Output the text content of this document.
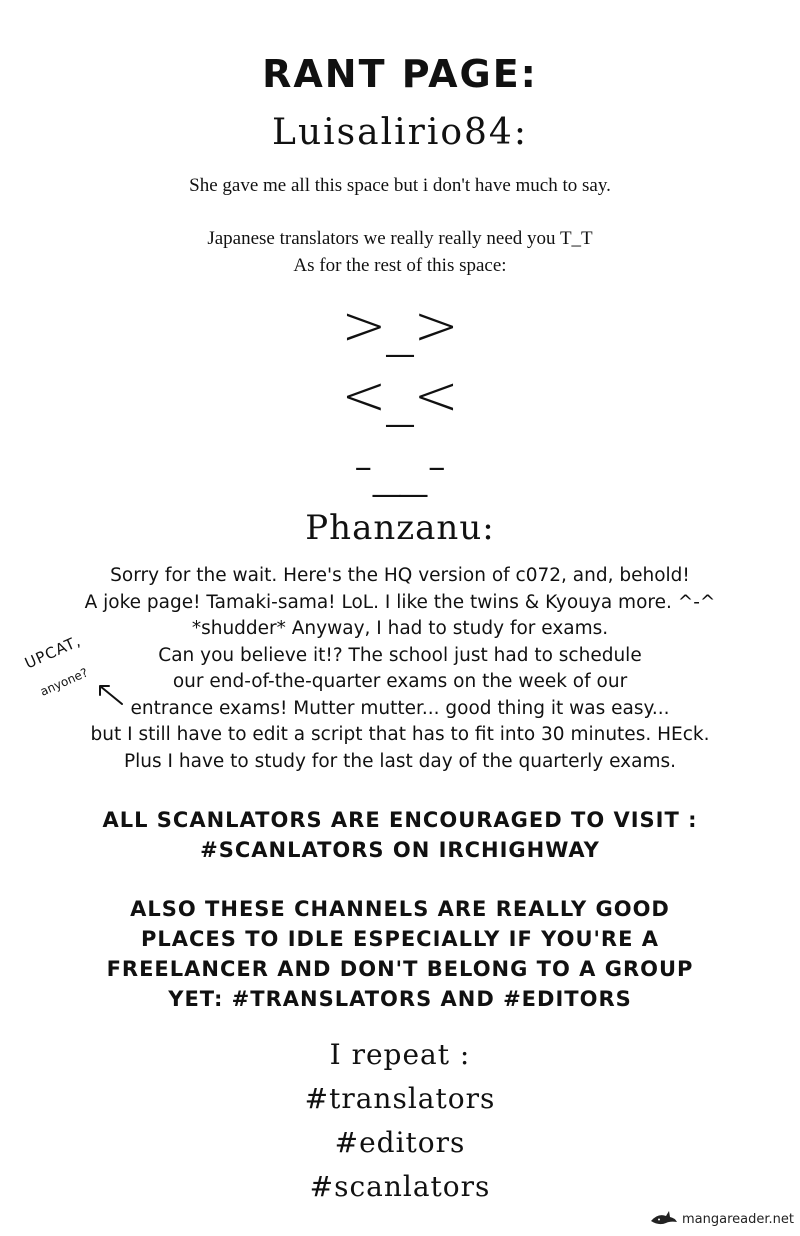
RANT PAGE:
Luisalirio84:
She gave me all this space but i don't have much to say.
Japanese translators we really really need you T_T
As for the rest of this space:
>_>
<_<
-__-
Phanzanu:
Sorry for the wait. Here's the HQ version of c072, and, behold!
A joke page! Tamaki-sama! LoL. I like the twins & Kyouya more. ^-^
*shudder* Anyway, I had to study for exams.
Can you believe it!? The school just had to schedule
our end-of-the-quarter exams on the week of our
entrance exams! Mutter mutter... good thing it was easy...
but I still have to edit a script that has to fit into 30 minutes. HEck.
Plus I have to study for the last day of the quarterly exams.
UPCAT,
anyone?
ALL SCANLATORS ARE ENCOURAGED TO VISIT :
#SCANLATORS ON IRCHIGHWAY
ALSO THESE CHANNELS ARE REALLY GOOD
PLACES TO IDLE ESPECIALLY IF YOU'RE A
FREELANCER AND DON'T BELONG TO A GROUP
YET: #TRANSLATORS AND #EDITORS
I repeat :
#translators
#editors
#scanlators
mangareader.net
